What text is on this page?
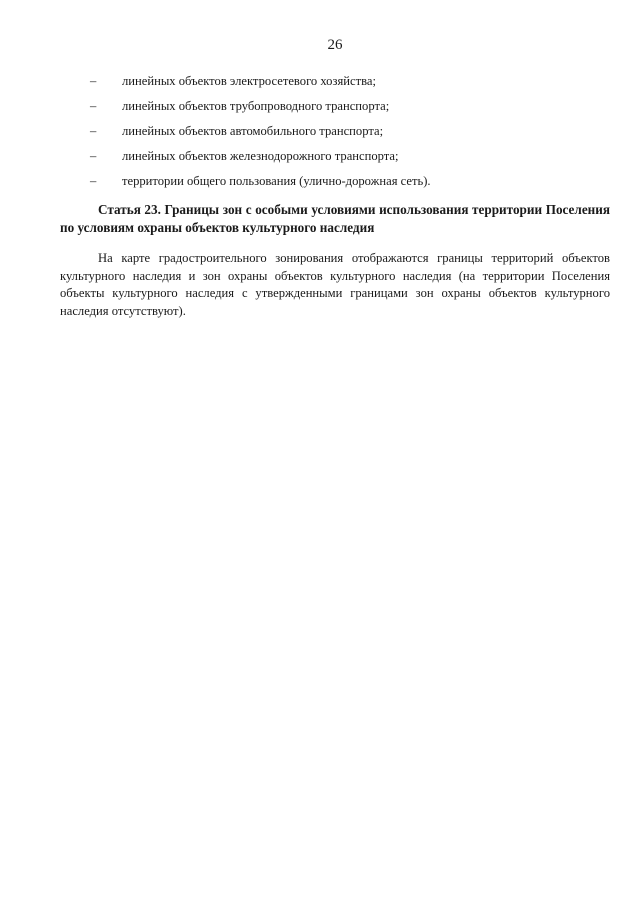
26
– линейных объектов электросетевого хозяйства;
– линейных объектов трубопроводного транспорта;
– линейных объектов автомобильного транспорта;
– линейных объектов железнодорожного транспорта;
– территории общего пользования (улично-дорожная сеть).

Статья 23. Границы зон с особыми условиями использования территории Поселения по условиям охраны объектов культурного наследия

На карте градостроительного зонирования отображаются границы территорий объектов культурного наследия и зон охраны объектов культурного наследия (на территории Поселения объекты культурного наследия с утвержденными границами зон охраны объектов культурного наследия отсутствуют).
